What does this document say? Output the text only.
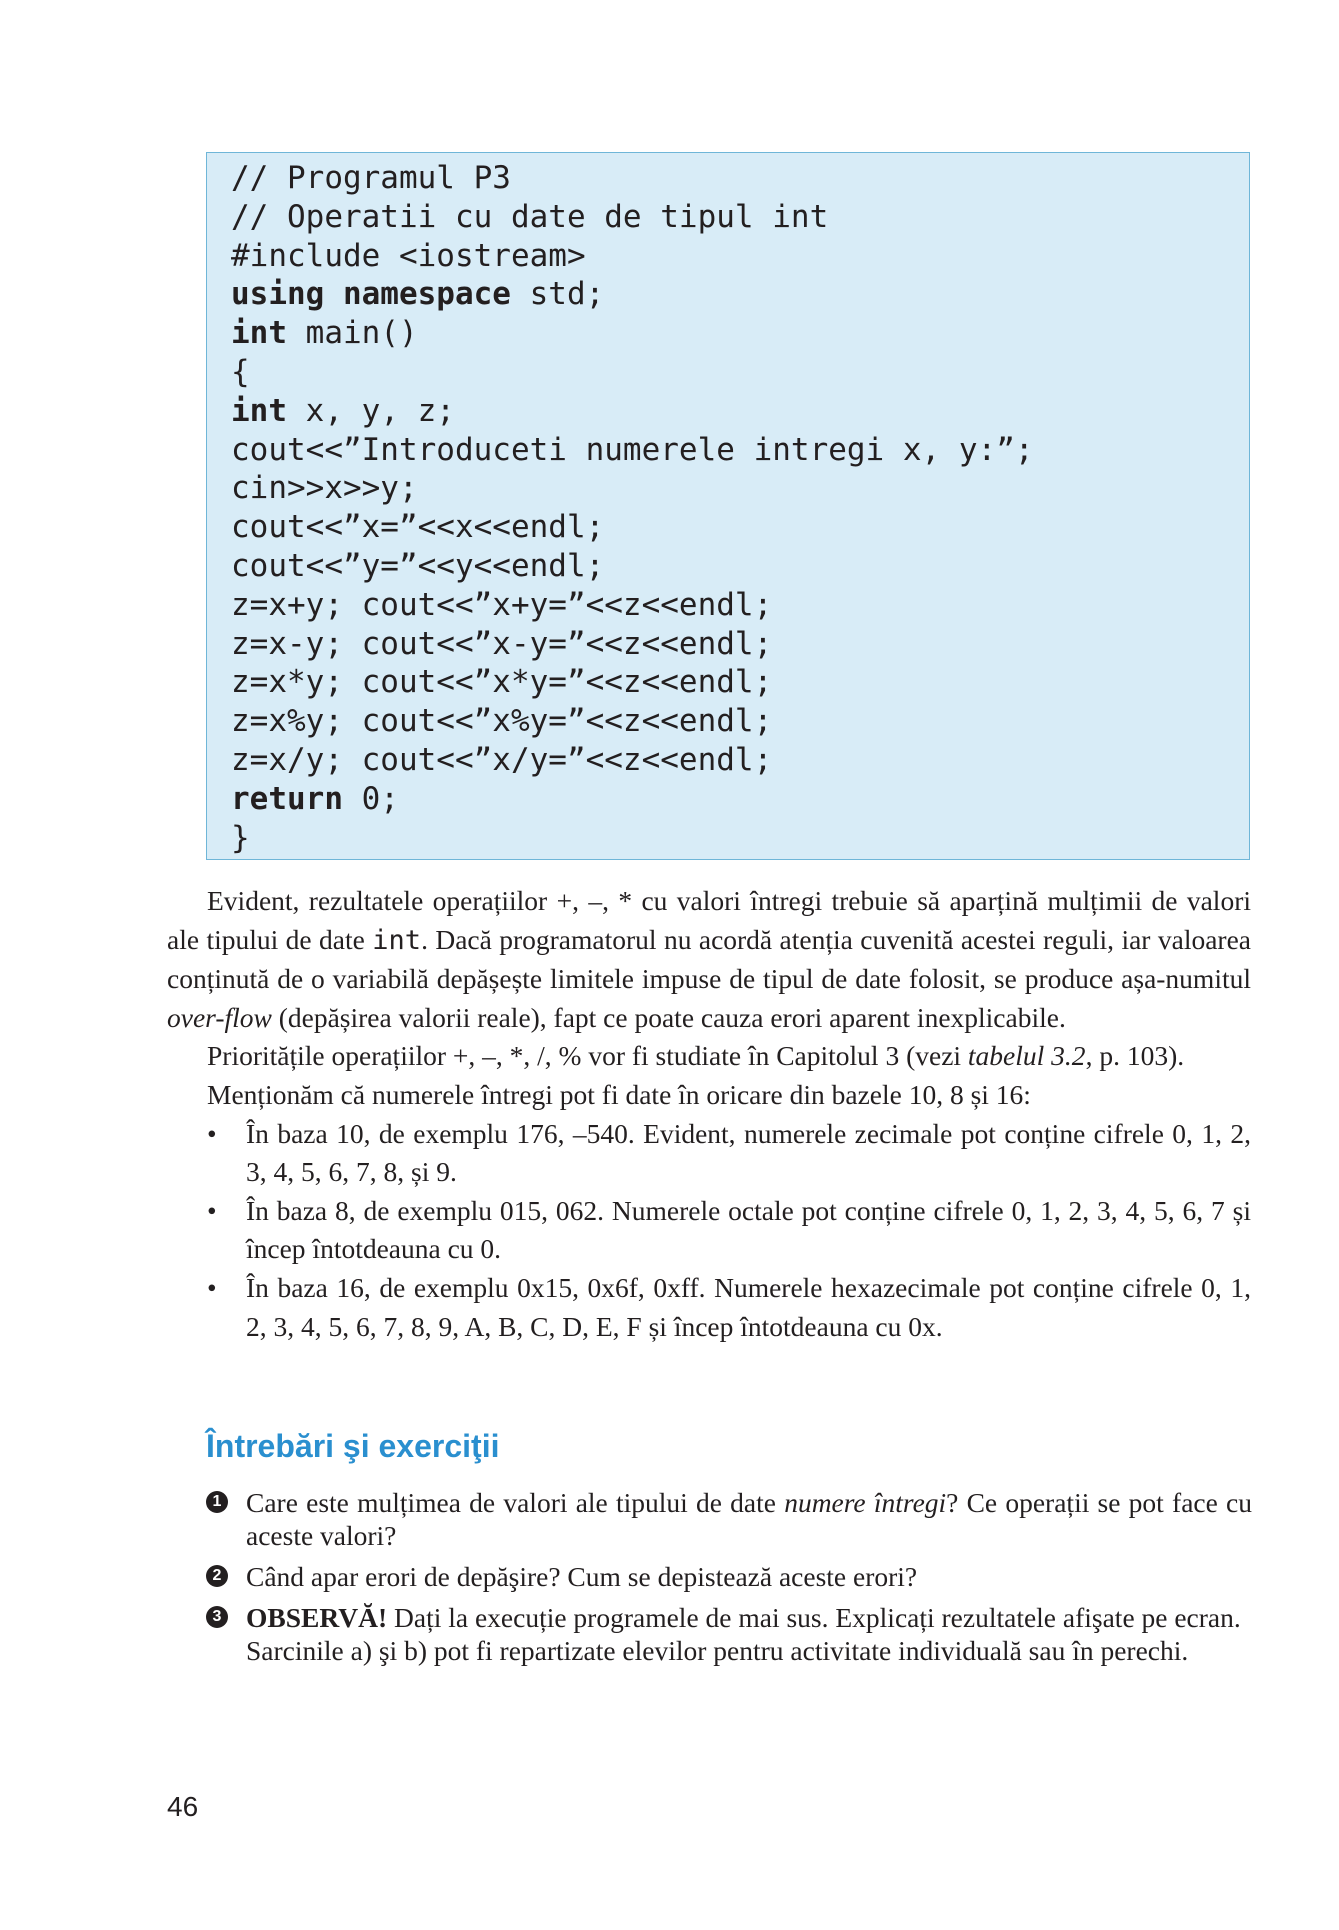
// Programul P3
// Operatii cu date de tipul int
#include <iostream>
using namespace std;
int main()
{
int x, y, z;
cout<<”Introduceti numerele intregi x, y:”;
cin>>x>>y;
cout<<”x=”<<x<<endl;
cout<<”y=”<<y<<endl;
z=x+y; cout<<”x+y=”<<z<<endl;
z=x-y; cout<<”x-y=”<<z<<endl;
z=x*y; cout<<”x*y=”<<z<<endl;
z=x%y; cout<<”x%y=”<<z<<endl;
z=x/y; cout<<”x/y=”<<z<<endl;
return 0;
}

Evident, rezultatele operațiilor +, –, * cu valori întregi trebuie să aparțină mulțimii de valori ale tipului de date int. Dacă programatorul nu acordă atenția cuvenită acestei reguli, iar valoarea conținută de o variabilă depășește limitele impuse de tipul de date folosit, se produce așa-numitul over-flow (depășirea valorii reale), fapt ce poate cauza erori aparent inexplicabile.

Prioritățile operațiilor +, –, *, /, % vor fi studiate în Capitolul 3 (vezi tabelul 3.2, p. 103).

Menționăm că numerele întregi pot fi date în oricare din bazele 10, 8 și 16:

• În baza 10, de exemplu 176, –540. Evident, numerele zecimale pot conține cifrele 0, 1, 2, 3, 4, 5, 6, 7, 8, și 9.
• În baza 8, de exemplu 015, 062. Numerele octale pot conține cifrele 0, 1, 2, 3, 4, 5, 6, 7 și încep întotdeauna cu 0.
• În baza 16, de exemplu 0x15, 0x6f, 0xff. Numerele hexazecimale pot conține cifrele 0, 1, 2, 3, 4, 5, 6, 7, 8, 9, A, B, C, D, E, F și încep întotdeauna cu 0x.
Întrebări şi exerciţii
1 Care este mulțimea de valori ale tipului de date numere întregi? Ce operații se pot face cu aceste valori?
2 Când apar erori de depăşire? Cum se depistează aceste erori?
3 OBSERVĂ! Dați la execuție programele de mai sus. Explicați rezultatele afişate pe ecran.
Sarcinile a) şi b) pot fi repartizate elevilor pentru activitate individuală sau în perechi.
46
